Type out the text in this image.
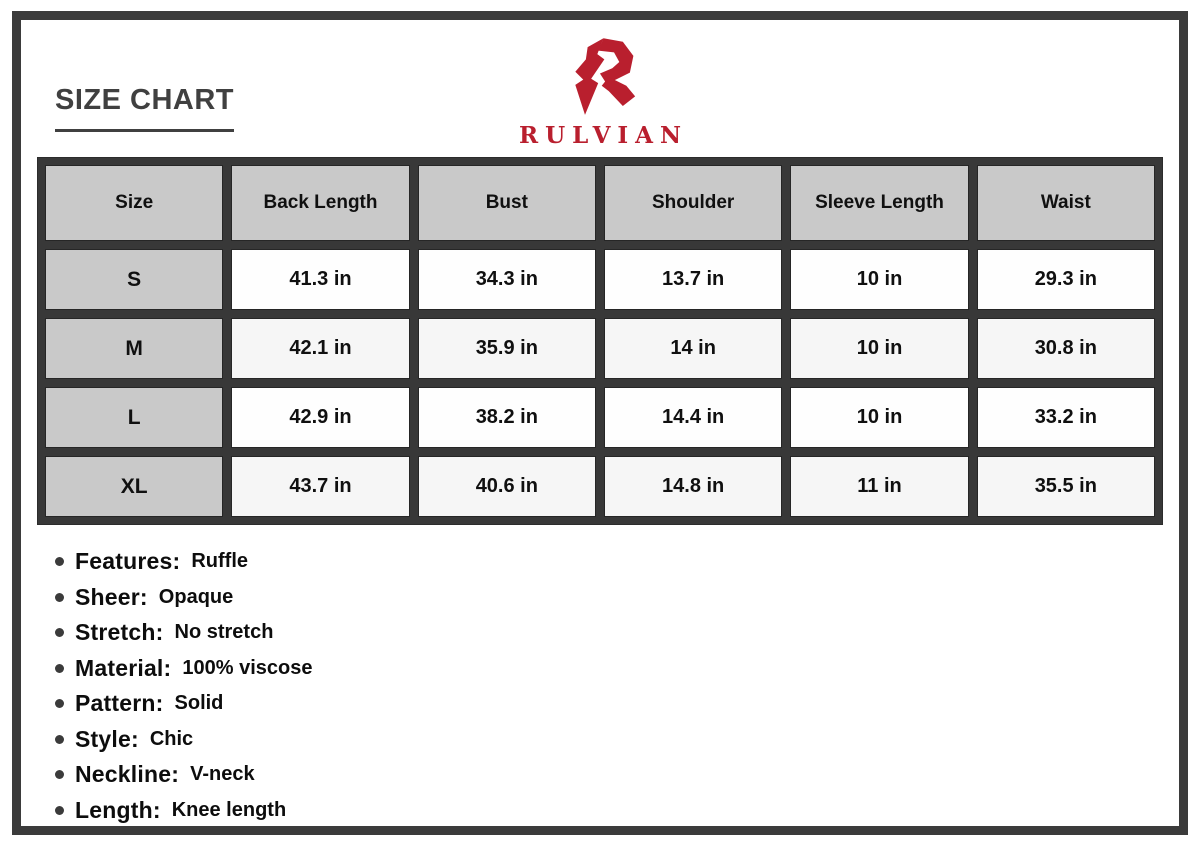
SIZE CHART
RULVIAN
Size	Back Length	Bust	Shoulder	Sleeve Length	Waist
S	41.3 in	34.3 in	13.7 in	10 in	29.3 in
M	42.1 in	35.9 in	14 in	10 in	30.8 in
L	42.9 in	38.2 in	14.4 in	10 in	33.2 in
XL	43.7 in	40.6 in	14.8 in	11 in	35.5 in
Features: Ruffle
Sheer: Opaque
Stretch: No stretch
Material: 100% viscose
Pattern: Solid
Style: Chic
Neckline: V-neck
Length: Knee length
